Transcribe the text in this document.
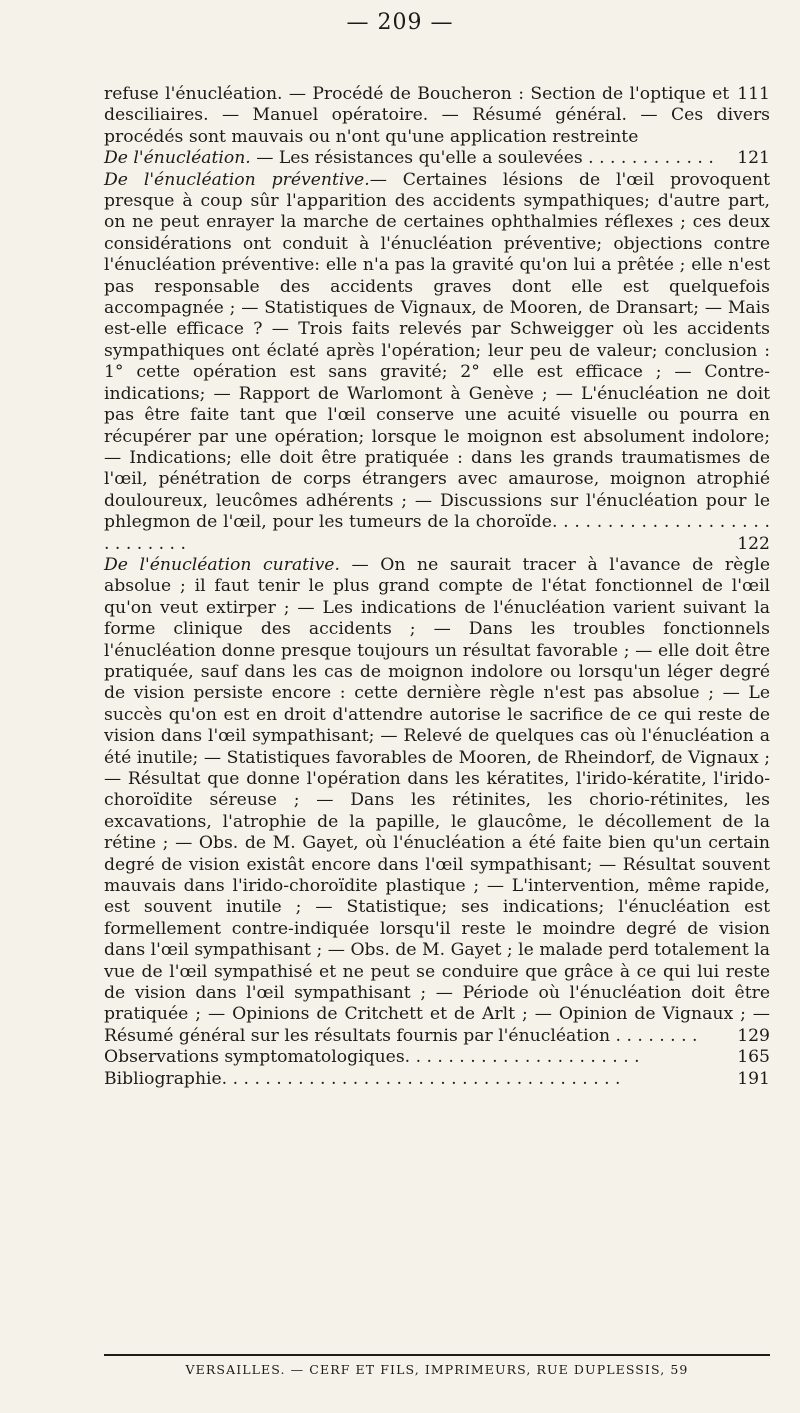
— 209 —

111
refuse l'énucléation. — Procédé de Boucheron : Section de l'optique et desciliaires. — Manuel opératoire. — Résumé général. — Ces divers procédés sont mauvais ou n'ont qu'une application restreinte

121
De l'énucléation. — Les résistances qu'elle a soulevées . . . . . . . . . . . .

De l'énucléation préventive.— Certaines lésions de l'œil provoquent presque à coup sûr l'apparition des accidents sympathiques; d'autre part, on ne peut enrayer la marche de certaines ophthalmies réflexes ; ces deux considérations ont conduit à l'énucléation préventive; objections contre l'énucléation préventive: elle n'a pas la gravité qu'on lui a prêtée ; elle n'est pas responsable des accidents graves dont elle est quelquefois accompagnée ; — Statistiques de Vignaux, de Mooren, de Dransart; — Mais est-elle efficace ? — Trois faits relevés par Schweigger où les accidents sympathiques ont éclaté après l'opération; leur peu de valeur; conclusion : 1° cette opération est sans gravité; 2° elle est efficace ; — Contre-indications; — Rapport de Warlomont à Genève ; — L'énucléation ne doit pas être faite tant que l'œil conserve une acuité visuelle ou pourra en récupérer par une opération; lorsque le moignon est absolument indolore; — Indications; elle doit être pratiquée : dans les grands traumatismes de l'œil, pénétration de corps étrangers avec amaurose, moignon atrophié douloureux, leucômes adhérents ; — Discussions sur l'énucléation pour le phlegmon de l'œil, pour les tumeurs de la choroïde. . . . . . . . . . . . . . . . . . . . . . . . . . . .	122

De l'énucléation curative. — On ne saurait tracer à l'avance de règle absolue ; il faut tenir le plus grand compte de l'état fonctionnel de l'œil qu'on veut extirper ; — Les indications de l'énucléation varient suivant la forme clinique des accidents ; — Dans les troubles fonctionnels l'énucléation donne presque toujours un résultat favorable ; — elle doit être pratiquée, sauf dans les cas de moignon indolore ou lorsqu'un léger degré de vision persiste encore : cette dernière règle n'est pas absolue ; — Le succès qu'on est en droit d'attendre autorise le sacrifice de ce qui reste de vision dans l'œil sympathisant; — Relevé de quelques cas où l'énucléation a été inutile; — Statistiques favorables de Mooren, de Rheindorf, de Vignaux ; — Résultat que donne l'opération dans les kératites, l'irido-kératite, l'irido-choroïdite séreuse ; — Dans les rétinites, les chorio-rétinites, les excavations, l'atrophie de la papille, le glaucôme, le décollement de la rétine ; — Obs. de M. Gayet, où l'énucléation a été faite bien qu'un certain degré de vision existât encore dans l'œil sympathisant; — Résultat souvent mauvais dans l'irido-choroïdite plastique ; — L'intervention, même rapide, est souvent inutile ; — Statistique; ses indications; l'énucléation est formellement contre-indiquée lorsqu'il reste le moindre degré de vision dans l'œil sympathisant ; — Obs. de M. Gayet ; le malade perd totalement la vue de l'œil sympathisé et ne peut se conduire que grâce à ce qui lui reste de vision dans l'œil sympathisant ; — Période où l'énucléation doit être pratiquée ; — Opinions de Critchett et de Arlt ; — Opinion de Vignaux ; — Résumé général sur les résultats fournis par l'énucléation . . . . . . . . 129

165
Observations symptomatologiques. . . . . . . . . . . . . . . . . . . . . .

191
Bibliographie. . . . . . . . . . . . . . . . . . . . . . . . . . . . . . . . . . . . .

VERSAILLES. — CERF ET FILS, IMPRIMEURS, RUE DUPLESSIS, 59
